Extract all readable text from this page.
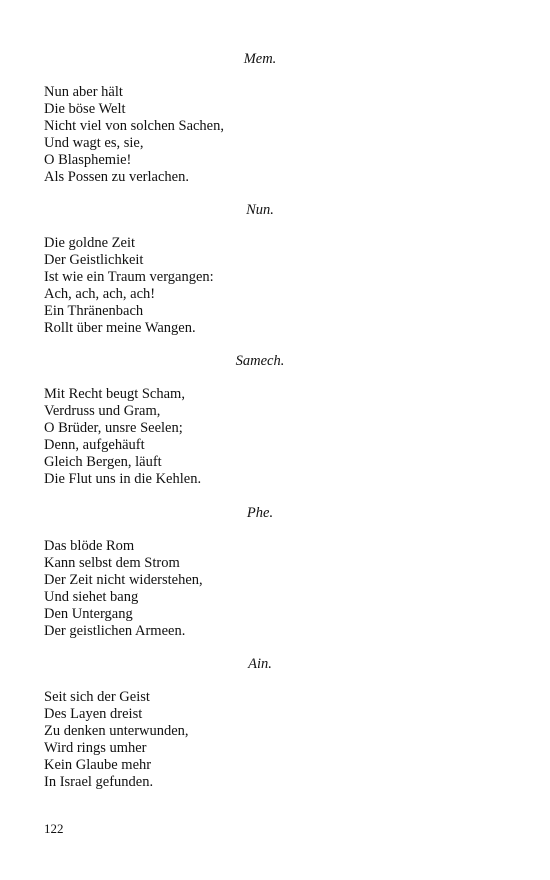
Mem.
Nun aber hält
Die böse Welt
Nicht viel von solchen Sachen,
Und wagt es, sie,
O Blasphemie!
Als Possen zu verlachen.
Nun.
Die goldne Zeit
Der Geistlichkeit
Ist wie ein Traum vergangen:
Ach, ach, ach, ach!
Ein Thränenbach
Rollt über meine Wangen.
Samech.
Mit Recht beugt Scham,
Verdruss und Gram,
O Brüder, unsre Seelen;
Denn, aufgehäuft
Gleich Bergen, läuft
Die Flut uns in die Kehlen.
Phe.
Das blöde Rom
Kann selbst dem Strom
Der Zeit nicht widerstehen,
Und siehet bang
Den Untergang
Der geistlichen Armeen.
Ain.
Seit sich der Geist
Des Layen dreist
Zu denken unterwunden,
Wird rings umher
Kein Glaube mehr
In Israel gefunden.
122
